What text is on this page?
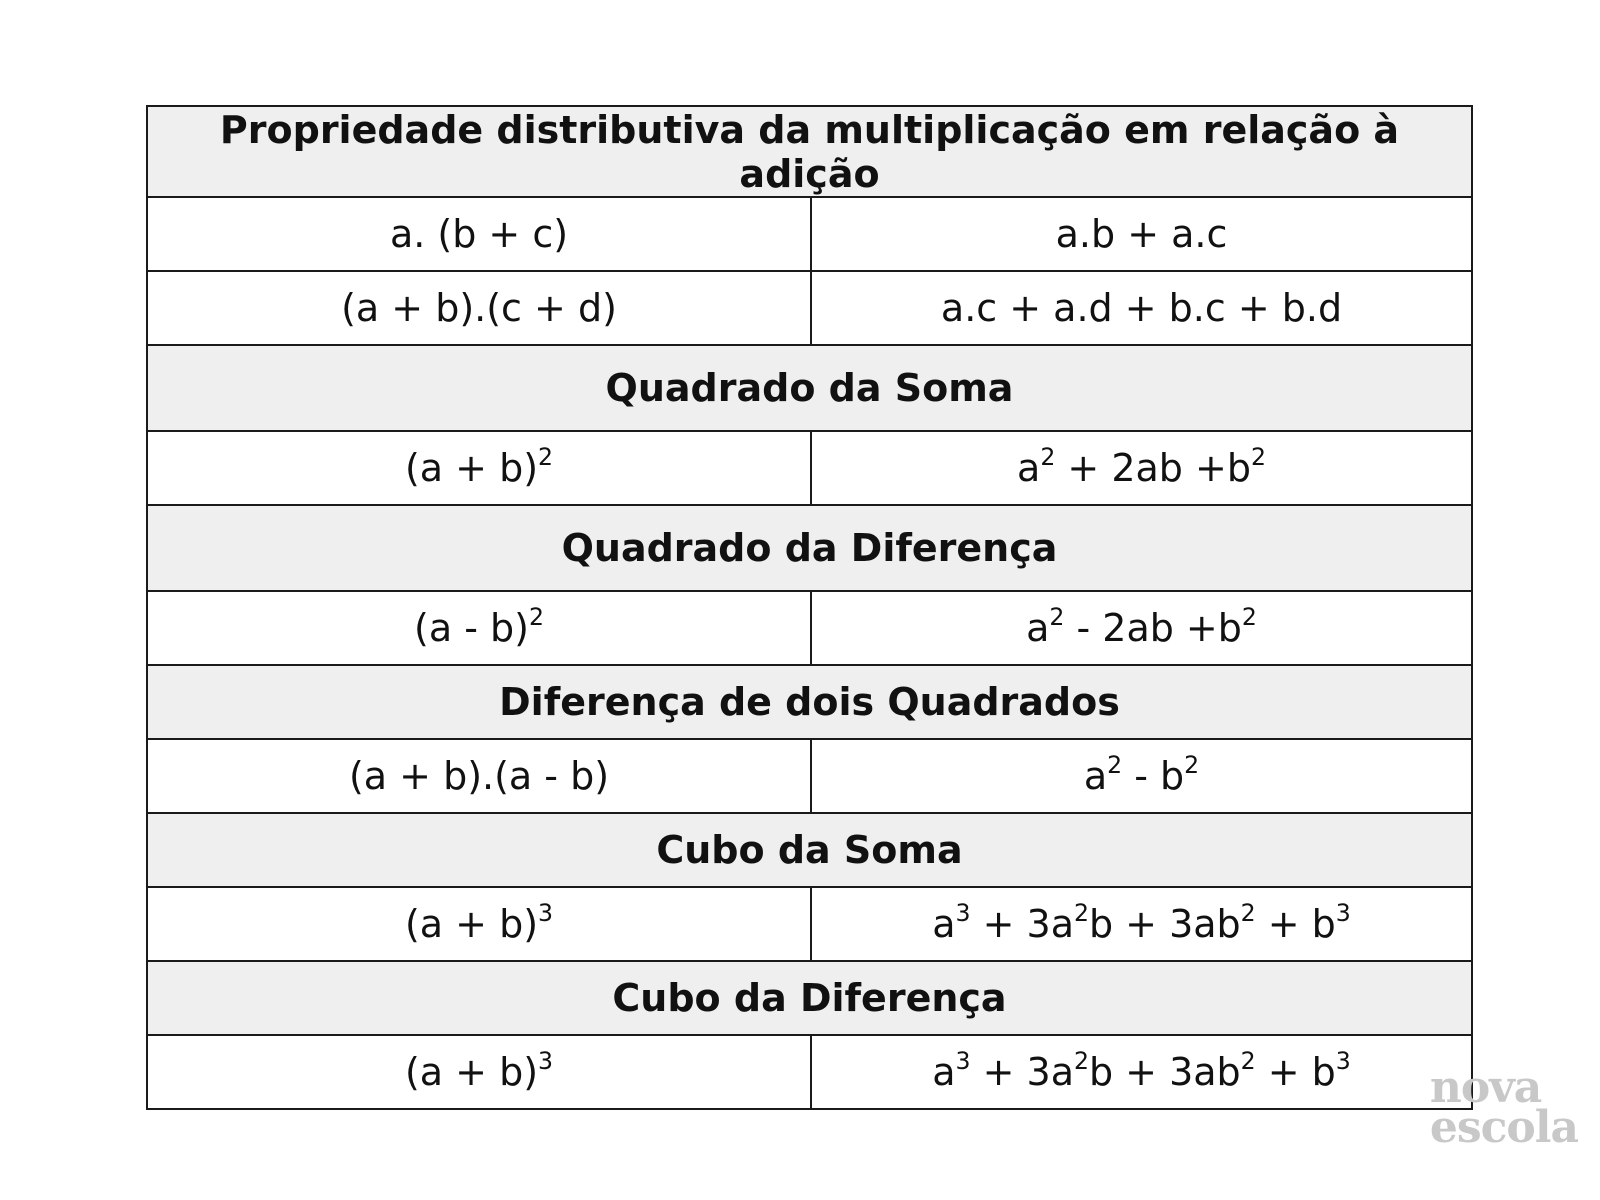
Propriedade distributiva da multiplicação em relação à adição	
a. (b + c)	a.b + a.c
(a + b).(c + d)	a.c + a.d + b.c + b.d
Quadrado da Soma	
$(a + b)^2$	$a^2 + 2ab +b^2$
Quadrado da Diferença	
(a - b)$^2$	$a^2 - 2ab +b^2$
Diferença de dois Quadrados	
(a + b).(a - b)	$a^2 - b^2$
Cubo da Soma	
$(a + b)^3$	$a^3 + 3a^2b + 3ab^2 + b^3$
Cubo da Diferença	
$(a + b)^3$	$a^3 + 3a^2b + 3ab^2 + b^3$
nova
escola
